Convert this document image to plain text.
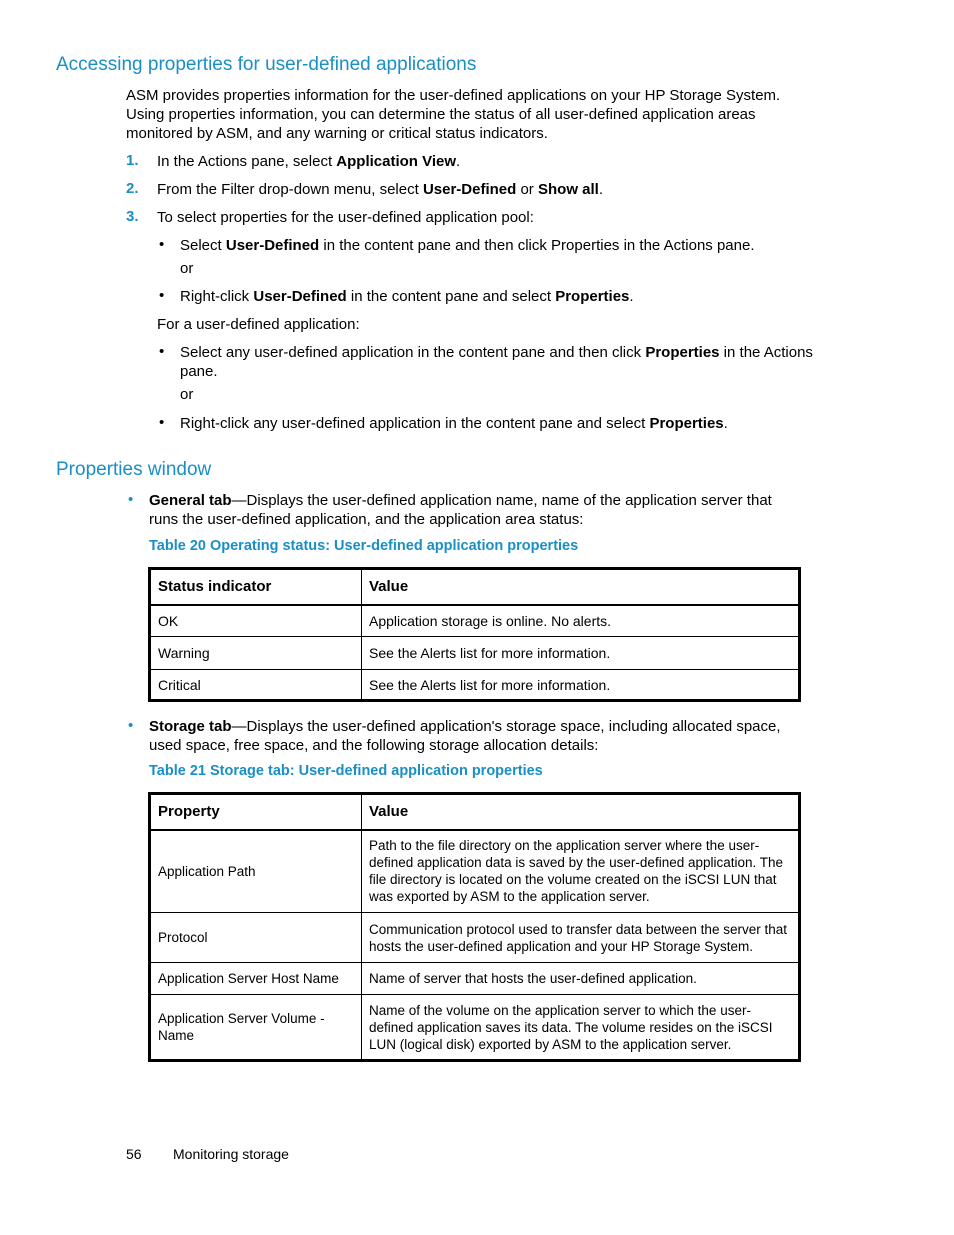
Accessing properties for user-defined applications
ASM provides properties information for the user-defined applications on your HP Storage System. Using properties information, you can determine the status of all user-defined application areas monitored by ASM, and any warning or critical status indicators.
1. In the Actions pane, select Application View.
2. From the Filter drop-down menu, select User-Defined or Show all.
3. To select properties for the user-defined application pool:
• Select User-Defined in the content pane and then click Properties in the Actions pane.
or
• Right-click User-Defined in the content pane and select Properties.
For a user-defined application:
• Select any user-defined application in the content pane and then click Properties in the Actions
pane.
or
• Right-click any user-defined application in the content pane and select Properties.
Properties window
• General tab—Displays the user-defined application name, name of the application server that runs the user-defined application, and the application area status:
Table 20 Operating status: User-defined application properties
Status indicator	Value
OK	Application storage is online. No alerts.
Warning	See the Alerts list for more information.
Critical	See the Alerts list for more information.
• Storage tab—Displays the user-defined application's storage space, including allocated space, used space, free space, and the following storage allocation details:
Table 21 Storage tab: User-defined application properties
Property	Value
Application Path	Path to the file directory on the application server where the user-defined application data is saved by the user-defined application. The file directory is located on the volume created on the iSCSI LUN that was exported by ASM to the application server.
Protocol	Communication protocol used to transfer data between the server that hosts the user-defined application and your HP Storage System.
Application Server Host Name	Name of server that hosts the user-defined application.
Application Server Volume - Name	Name of the volume on the application server to which the user-defined application saves its data. The volume resides on the iSCSI LUN (logical disk) exported by ASM to the application server.
56 Monitoring storage
